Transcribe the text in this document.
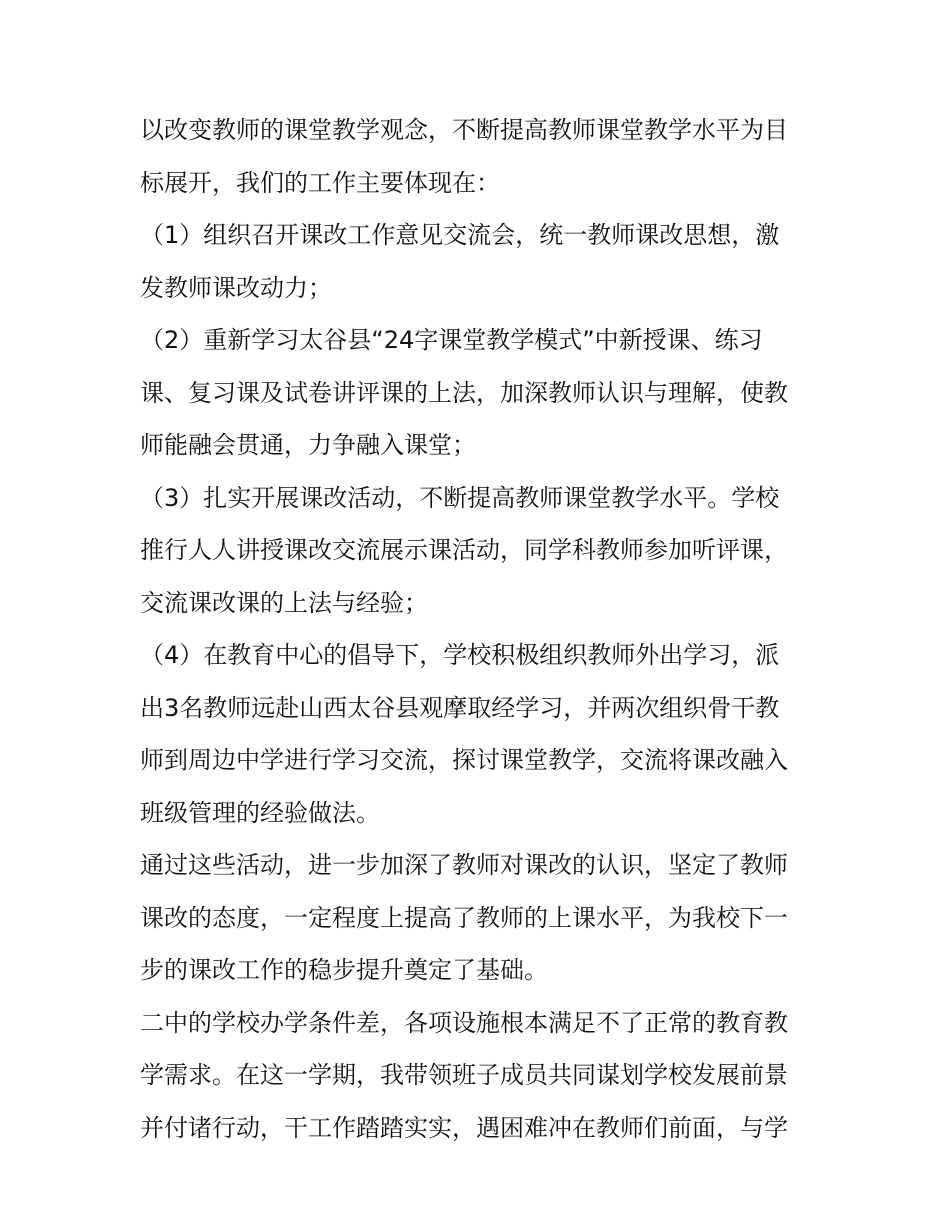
以改变教师的课堂教学观念，不断提高教师课堂教学水平为目
标展开，我们的工作主要体现在：
（1）组织召开课改工作意见交流会，统一教师课改思想，激
发教师课改动力；
（2）重新学习太谷县“24字课堂教学模式”中新授课、练习
课、复习课及试卷讲评课的上法，加深教师认识与理解，使教
师能融会贯通，力争融入课堂；
（3）扎实开展课改活动，不断提高教师课堂教学水平。学校
推行人人讲授课改交流展示课活动，同学科教师参加听评课，
交流课改课的上法与经验；
（4）在教育中心的倡导下，学校积极组织教师外出学习，派
出3名教师远赴山西太谷县观摩取经学习，并两次组织骨干教
师到周边中学进行学习交流，探讨课堂教学，交流将课改融入
班级管理的经验做法。
通过这些活动，进一步加深了教师对课改的认识，坚定了教师
课改的态度，一定程度上提高了教师的上课水平，为我校下一
步的课改工作的稳步提升奠定了基础。
二中的学校办学条件差，各项设施根本满足不了正常的教育教
学需求。在这一学期，我带领班子成员共同谋划学校发展前景
并付诸行动，干工作踏踏实实，遇困难冲在教师们前面，与学
